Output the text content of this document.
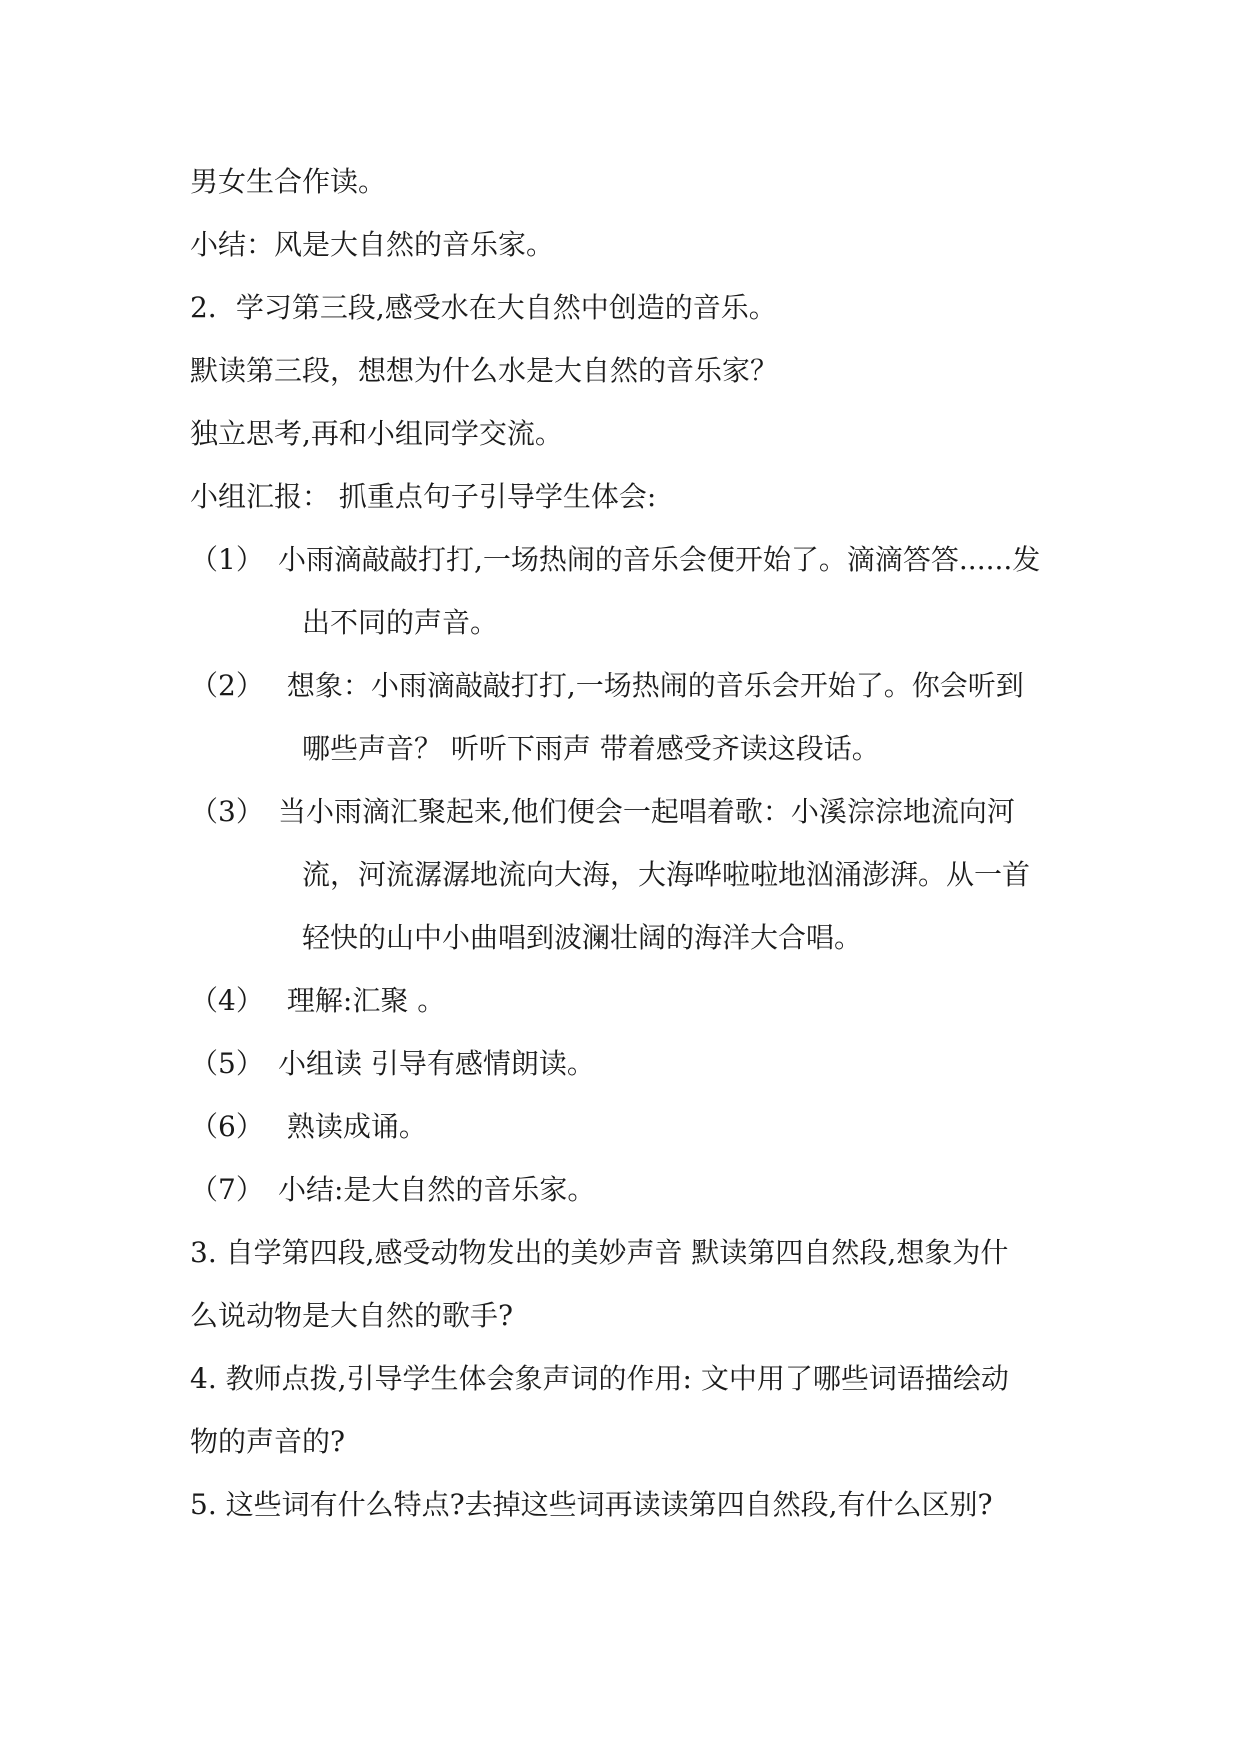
男女生合作读。
小结：风是大自然的音乐家。
2．学习第三段,感受水在大自然中创造的音乐。
默读第三段，想想为什么水是大自然的音乐家？
独立思考,再和小组同学交流。
小组汇报： 抓重点句子引导学生体会:
（1） 小雨滴敲敲打打,一场热闹的音乐会便开始了。滴滴答答......发
出不同的声音。
（2） 想象：小雨滴敲敲打打,一场热闹的音乐会开始了。你会听到
哪些声音？ 听听下雨声 带着感受齐读这段话。
（3） 当小雨滴汇聚起来,他们便会一起唱着歌：小溪淙淙地流向河
流，河流潺潺地流向大海，大海哗啦啦地汹涌澎湃。从一首
轻快的山中小曲唱到波澜壮阔的海洋大合唱。
（4） 理解:汇聚 。
（5） 小组读 引导有感情朗读。
（6） 熟读成诵。
（7） 小结:是大自然的音乐家。
3. 自学第四段,感受动物发出的美妙声音 默读第四自然段,想象为什
么说动物是大自然的歌手?
4. 教师点拨,引导学生体会象声词的作用: 文中用了哪些词语描绘动
物的声音的?
5. 这些词有什么特点?去掉这些词再读读第四自然段,有什么区别?
